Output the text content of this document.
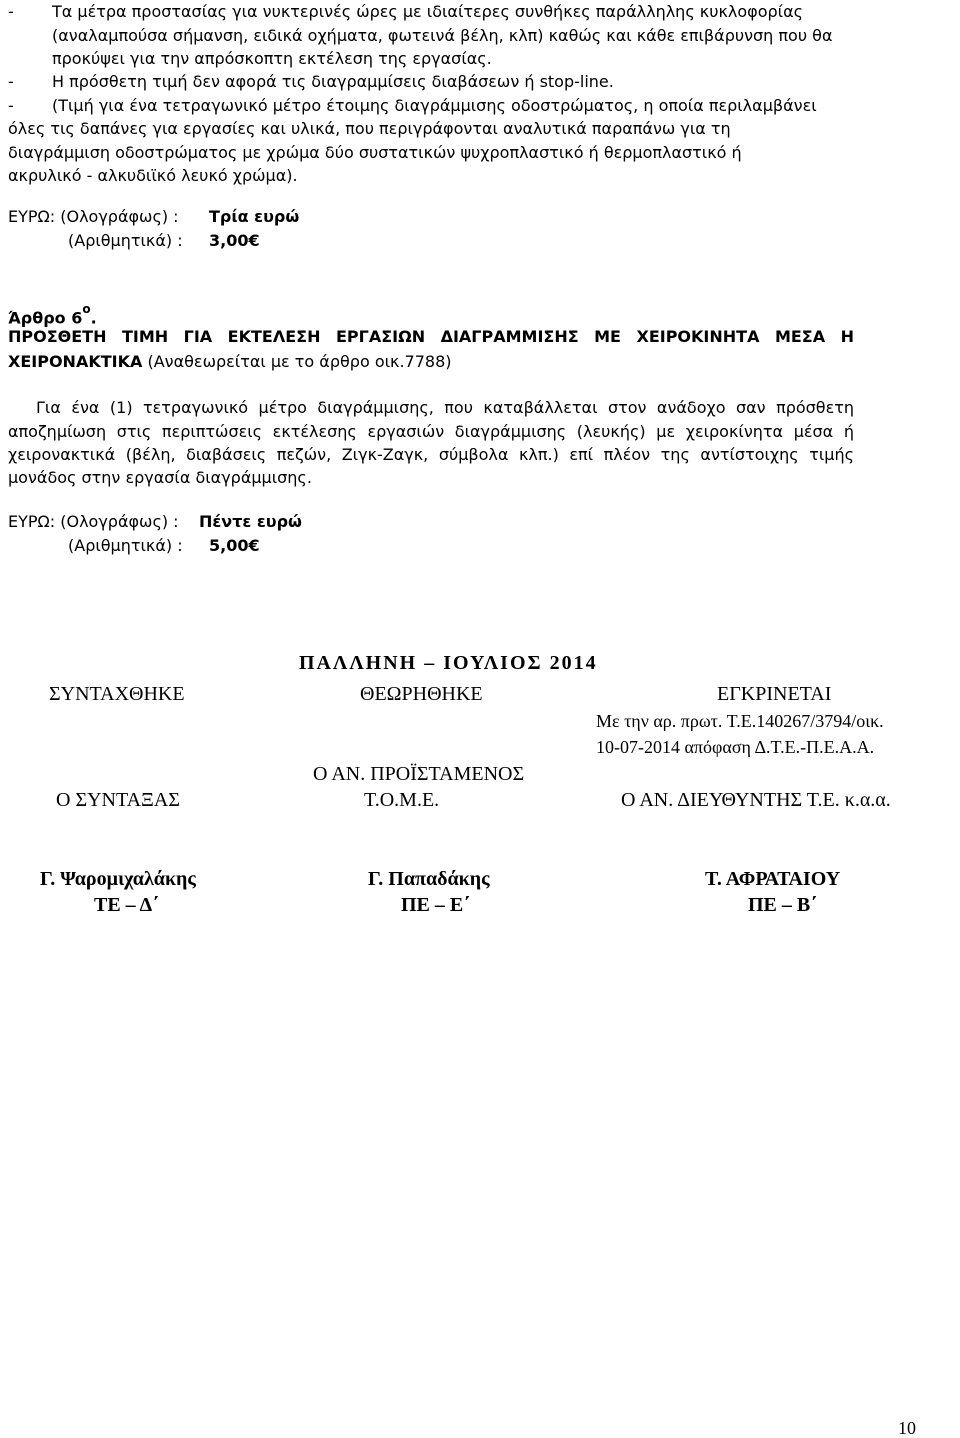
- Τα μέτρα προστασίας για νυκτερινές ώρες με ιδιαίτερες συνθήκες παράλληλης κυκλοφορίας
(αναλαμπούσα σήμανση, ειδικά οχήματα, φωτεινά βέλη, κλπ) καθώς και κάθε επιβάρυνση που θα
προκύψει για την απρόσκοπτη εκτέλεση της εργασίας.
- Η πρόσθετη τιμή δεν αφορά τις διαγραμμίσεις διαβάσεων ή stop-line.
- (Τιμή για ένα τετραγωνικό μέτρο έτοιμης διαγράμμισης οδοστρώματος, η οποία περιλαμβάνει
όλες τις δαπάνες για εργασίες και υλικά, που περιγράφονται αναλυτικά παραπάνω για τη
διαγράμμιση οδοστρώματος με χρώμα δύο συστατικών ψυχροπλαστικό ή θερμοπλαστικό ή
ακρυλικό - αλκυδιϊκό λευκό χρώμα).
ΕΥΡΩ: (Ολογράφως) : Τρία ευρώ
(Αριθμητικά) : 3,00€
Άρθρο $6^o$.
ΠΡΟΣΘΕΤΗ ΤΙΜΗ ΓΙΑ ΕΚΤΕΛΕΣΗ ΕΡΓΑΣΙΩΝ ΔΙΑΓΡΑΜΜΙΣΗΣ ΜΕ ΧΕΙΡΟΚΙΝΗΤΑ ΜΕΣΑ Η
ΧΕΙΡΟΝΑΚΤΙΚΑ (Αναθεωρείται με το άρθρο οικ.7788)
Για ένα (1) τετραγωνικό μέτρο διαγράμμισης, που καταβάλλεται στον ανάδοχο σαν πρόσθετη
αποζημίωση στις περιπτώσεις εκτέλεσης εργασιών διαγράμμισης (λευκής) με χειροκίνητα μέσα ή
χειρονακτικά (βέλη, διαβάσεις πεζών, Ζιγκ-Ζαγκ, σύμβολα κλπ.) επί πλέον της αντίστοιχης τιμής
μονάδος στην εργασία διαγράμμισης.
ΕΥΡΩ: (Ολογράφως) : Πέντε ευρώ
(Αριθμητικά) : 5,00€
ΠΑΛΛΗΝΗ – ΙΟΥΛΙΟΣ 2014
ΣΥΝΤΑΧΘΗΚΕ	ΘΕΩΡΗΘΗΚΕ	ΕΓΚΡΙΝΕΤΑΙ
Με την αρ. πρωτ. Τ.Ε.140267/3794/οικ.
10-07-2014 απόφαση Δ.Τ.Ε.-Π.Ε.Α.Α.
Ο ΑΝ. ΠΡΟΪΣΤΑΜΕΝΟΣ
Ο ΣΥΝΤΑΞΑΣ	Τ.Ο.Μ.Ε.	Ο ΑΝ. ΔΙΕΥΘΥΝΤΗΣ Τ.Ε. κ.α.α.
Γ. Ψαρομιχαλάκης	Γ. Παπαδάκης	Τ. ΑΦΡΑΤΑΙΟΥ
ΤΕ – Δ΄	ΠΕ – Ε΄	ΠΕ – Β΄
10
